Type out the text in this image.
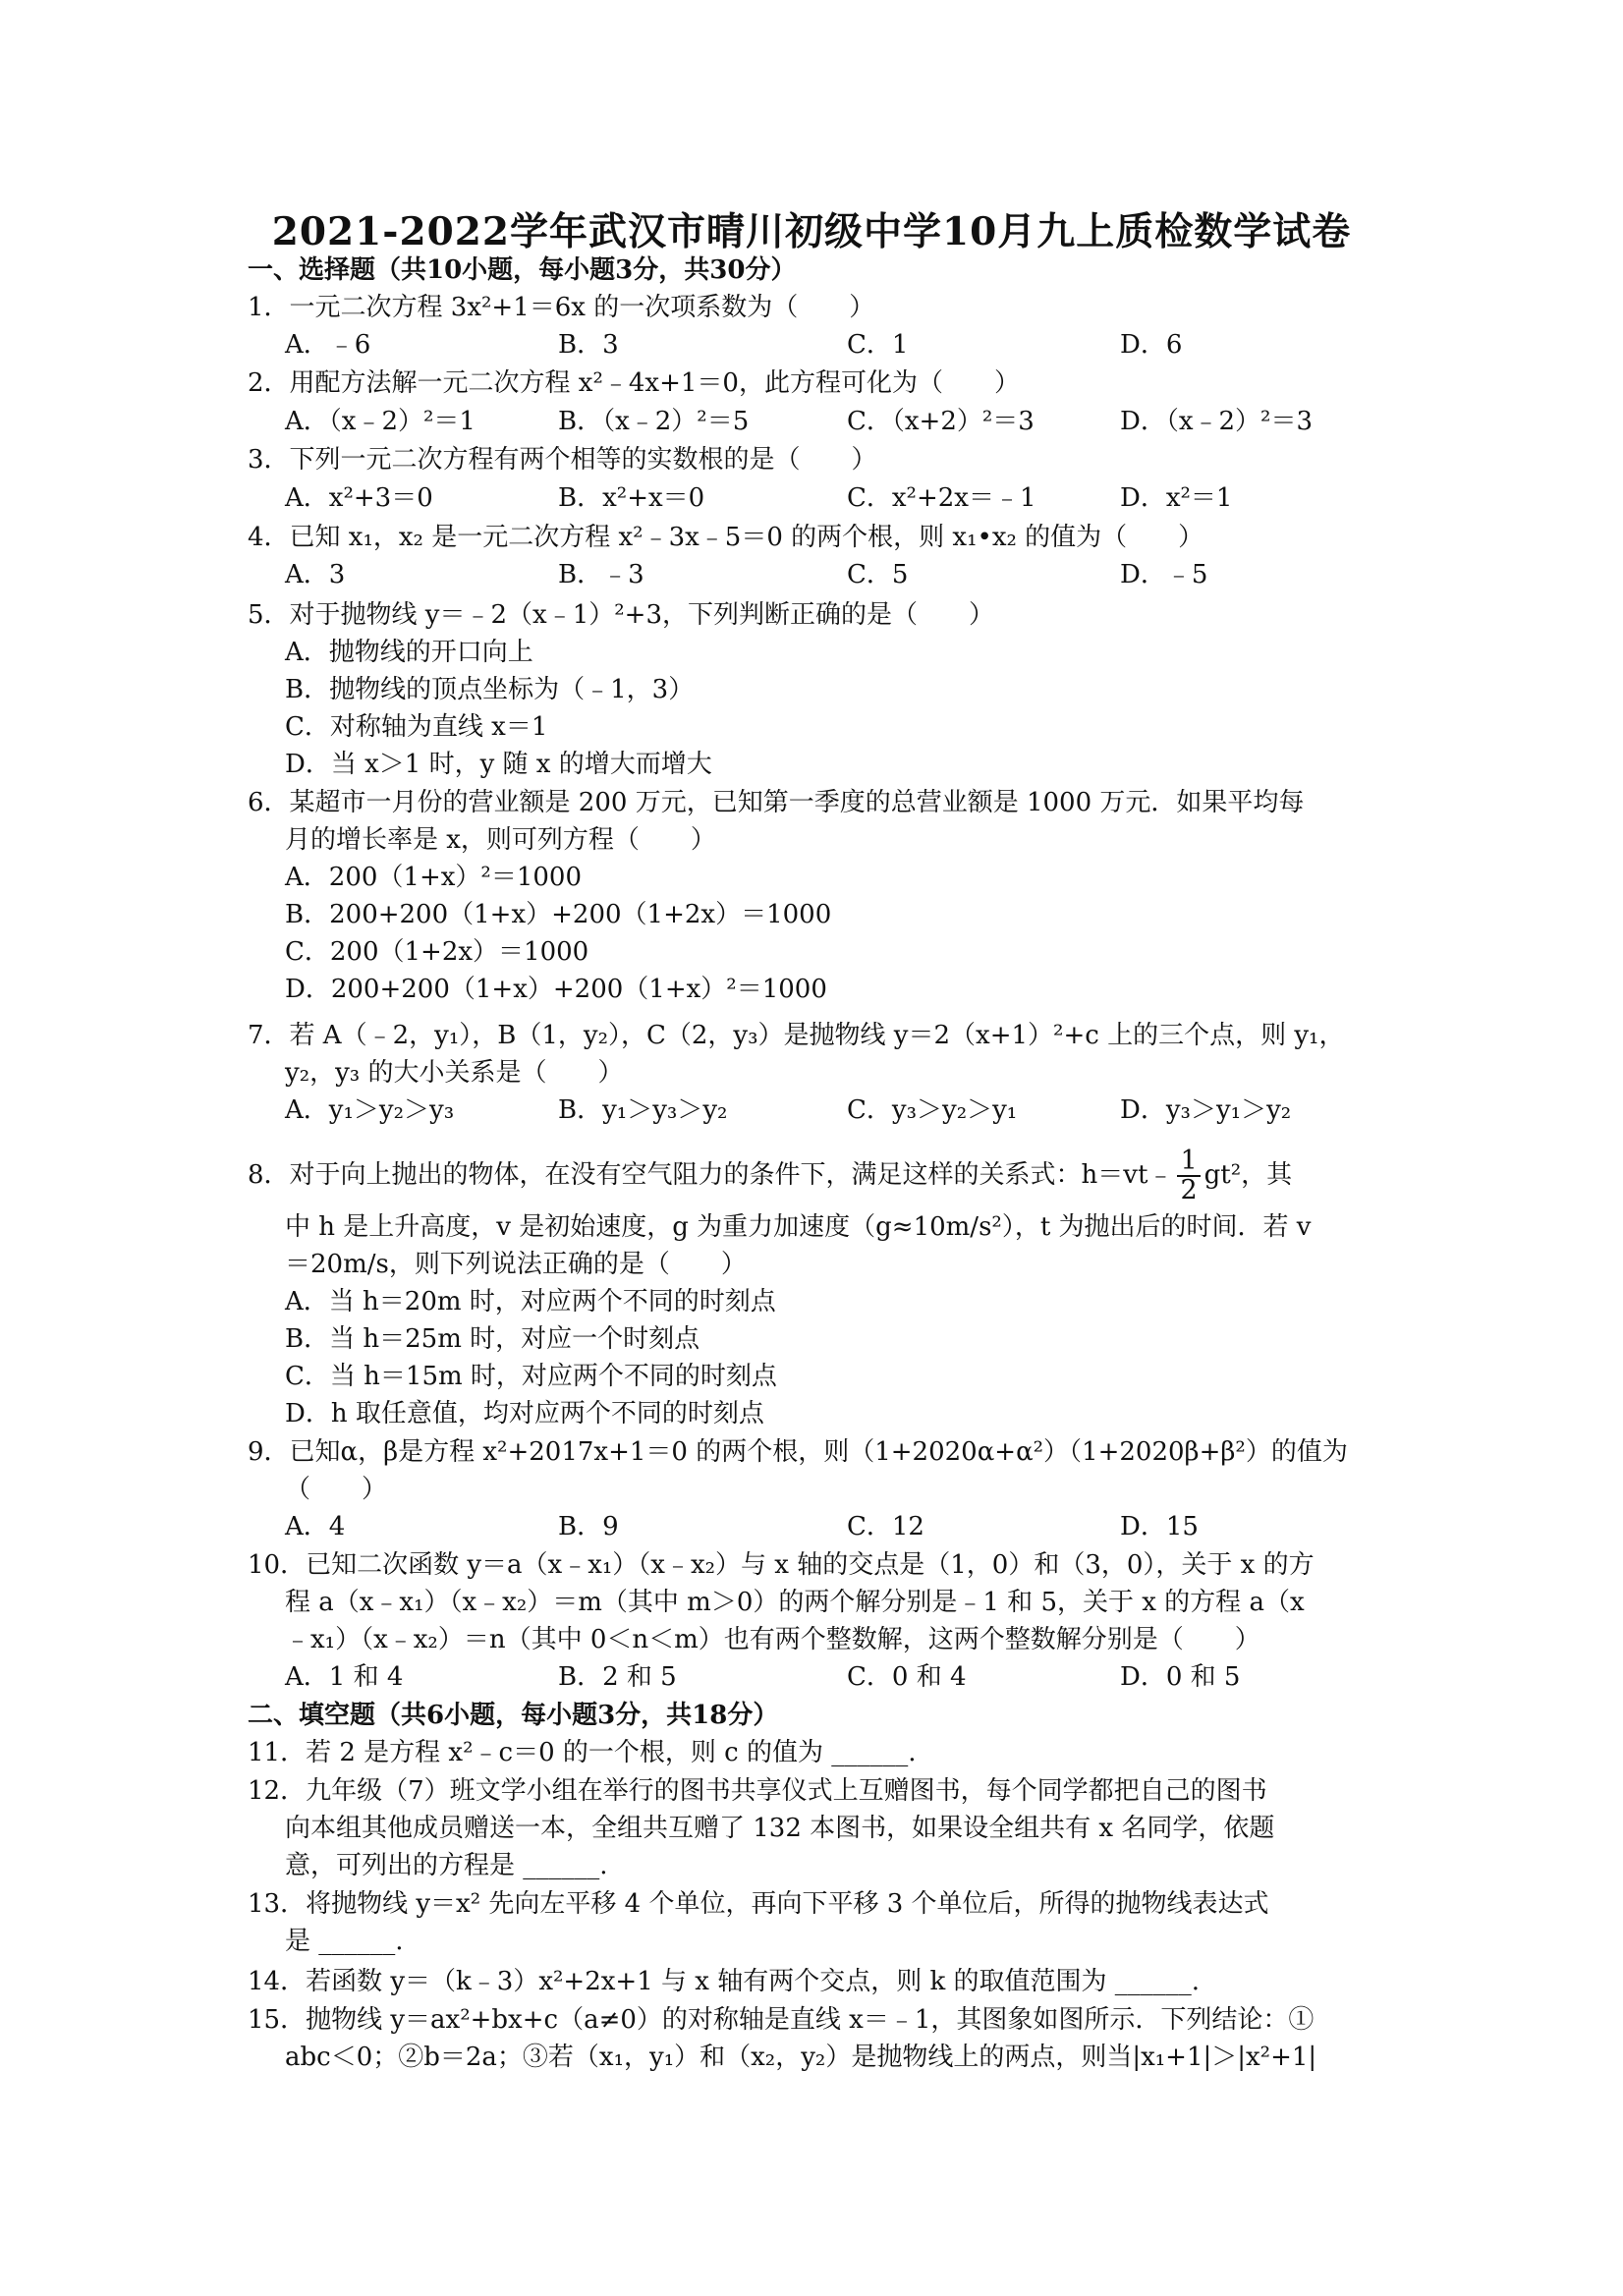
2021-2022学年武汉市晴川初级中学10月九上质检数学试卷
一、选择题（共10小题，每小题3分，共30分）
1．一元二次方程 3x²+1＝6x 的一次项系数为（　　）
A．﹣6	B．3	C．1	D．6
2．用配方法解一元二次方程 x²﹣4x+1＝0，此方程可化为（　　）
A．（x﹣2）²＝1	B．（x﹣2）²＝5	C．（x+2）²＝3	D．（x﹣2）²＝3
3．下列一元二次方程有两个相等的实数根的是（　　）
A．x²+3＝0	B．x²+x＝0	C．x²+2x＝﹣1	D．x²＝1
4．已知 x₁，x₂ 是一元二次方程 x²﹣3x﹣5＝0 的两个根，则 x₁•x₂ 的值为（　　）
A．3	B．﹣3	C．5	D．﹣5
5．对于抛物线 y＝﹣2（x﹣1）²+3，下列判断正确的是（　　）
A．抛物线的开口向上
B．抛物线的顶点坐标为（﹣1，3）
C．对称轴为直线 x＝1
D．当 x＞1 时，y 随 x 的增大而增大
6．某超市一月份的营业额是 200 万元，已知第一季度的总营业额是 1000 万元．如果平均每
月的增长率是 x，则可列方程（　　）
A．200（1+x）²＝1000
B．200+200（1+x）+200（1+2x）＝1000
C．200（1+2x）＝1000
D．200+200（1+x）+200（1+x）²＝1000
7．若 A（﹣2，y₁），B（1，y₂），C（2，y₃）是抛物线 y＝2（x+1）²+c 上的三个点，则 y₁，
y₂，y₃ 的大小关系是（　　）
A．y₁＞y₂＞y₃	B．y₁＞y₃＞y₂	C．y₃＞y₂＞y₁	D．y₃＞y₁＞y₂
8．对于向上抛出的物体，在没有空气阻力的条件下，满足这样的关系式：h＝vt﹣ $\frac{1}{2} gt^2$，其
中 h 是上升高度，v 是初始速度，g 为重力加速度（g≈10m/s²），t 为抛出后的时间．若 v
＝20m/s，则下列说法正确的是（　　）
A．当 h＝20m 时，对应两个不同的时刻点
B．当 h＝25m 时，对应一个时刻点
C．当 h＝15m 时，对应两个不同的时刻点
D．h 取任意值，均对应两个不同的时刻点
9．已知α，β是方程 x²+2017x+1＝0 的两个根，则（1+2020α+α²）（1+2020β+β²）的值为
（　　）
A．4	B．9	C．12	D．15
10．已知二次函数 y＝a（x﹣x₁）（x﹣x₂）与 x 轴的交点是（1，0）和（3，0），关于 x 的方
程 a（x﹣x₁）（x﹣x₂）＝m（其中 m＞0）的两个解分别是﹣1 和 5，关于 x 的方程 a（x
﹣x₁）（x﹣x₂）＝n（其中 0＜n＜m）也有两个整数解，这两个整数解分别是（　　）
A．1 和 4	B．2 和 5	C．0 和 4	D．0 和 5
二、填空题（共6小题，每小题3分，共18分）
11．若 2 是方程 x²﹣c＝0 的一个根，则 c 的值为 ______.
12．九年级（7）班文学小组在举行的图书共享仪式上互赠图书，每个同学都把自己的图书
向本组其他成员赠送一本，全组共互赠了 132 本图书，如果设全组共有 x 名同学，依题
意，可列出的方程是 ______.
13．将抛物线 y＝x² 先向左平移 4 个单位，再向下平移 3 个单位后，所得的抛物线表达式
是 ______.
14．若函数 y＝（k﹣3）x²+2x+1 与 x 轴有两个交点，则 k 的取值范围为 ______.
15．抛物线 y＝ax²+bx+c（a≠0）的对称轴是直线 x＝﹣1，其图象如图所示．下列结论：①
abc＜0；②b＝2a；③若（x₁，y₁）和（x₂，y₂）是抛物线上的两点，则当|x₁+1|＞|x²+1|
